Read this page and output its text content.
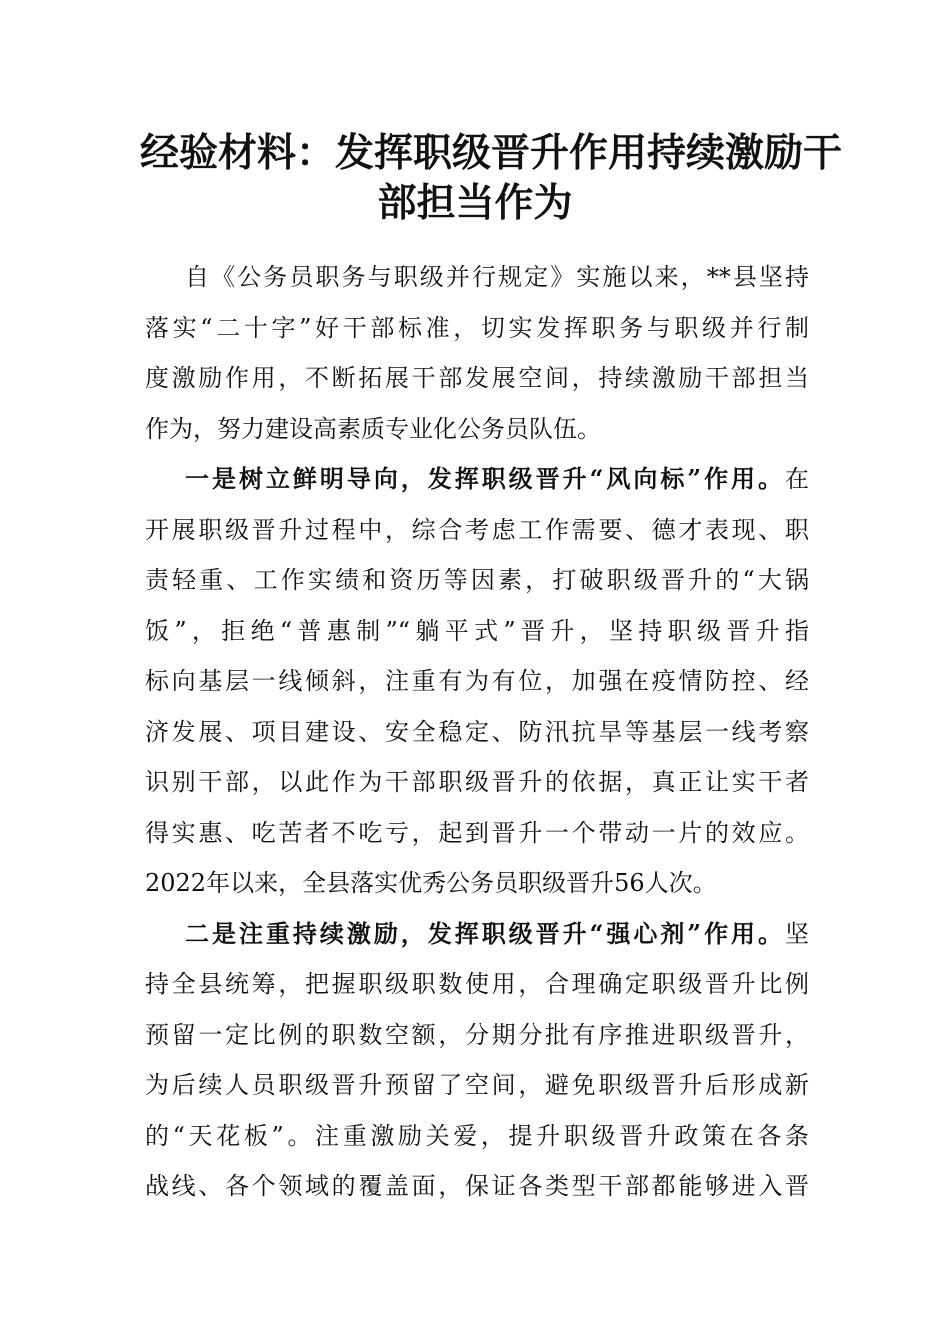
经验材料：发挥职级晋升作用持续激励干
部担当作为

自《公务员职务与职级并行规定》实施以来，**县坚持
落实“二十字”好干部标准，切实发挥职务与职级并行制
度激励作用，不断拓展干部发展空间，持续激励干部担当
作为，努力建设高素质专业化公务员队伍。

一是树立鲜明导向，发挥职级晋升“风向标”作用。在
开展职级晋升过程中，综合考虑工作需要、德才表现、职
责轻重、工作实绩和资历等因素，打破职级晋升的“大锅
饭”，拒绝“普惠制”“躺平式”晋升，坚持职级晋升指
标向基层一线倾斜，注重有为有位，加强在疫情防控、经
济发展、项目建设、安全稳定、防汛抗旱等基层一线考察
识别干部，以此作为干部职级晋升的依据，真正让实干者
得实惠、吃苦者不吃亏，起到晋升一个带动一片的效应。
2022年以来，全县落实优秀公务员职级晋升56人次。

二是注重持续激励，发挥职级晋升“强心剂”作用。坚
持全县统筹，把握职级职数使用，合理确定职级晋升比例
预留一定比例的职数空额，分期分批有序推进职级晋升，
为后续人员职级晋升预留了空间，避免职级晋升后形成新
的“天花板”。注重激励关爱，提升职级晋升政策在各条
战线、各个领域的覆盖面，保证各类型干部都能够进入晋
